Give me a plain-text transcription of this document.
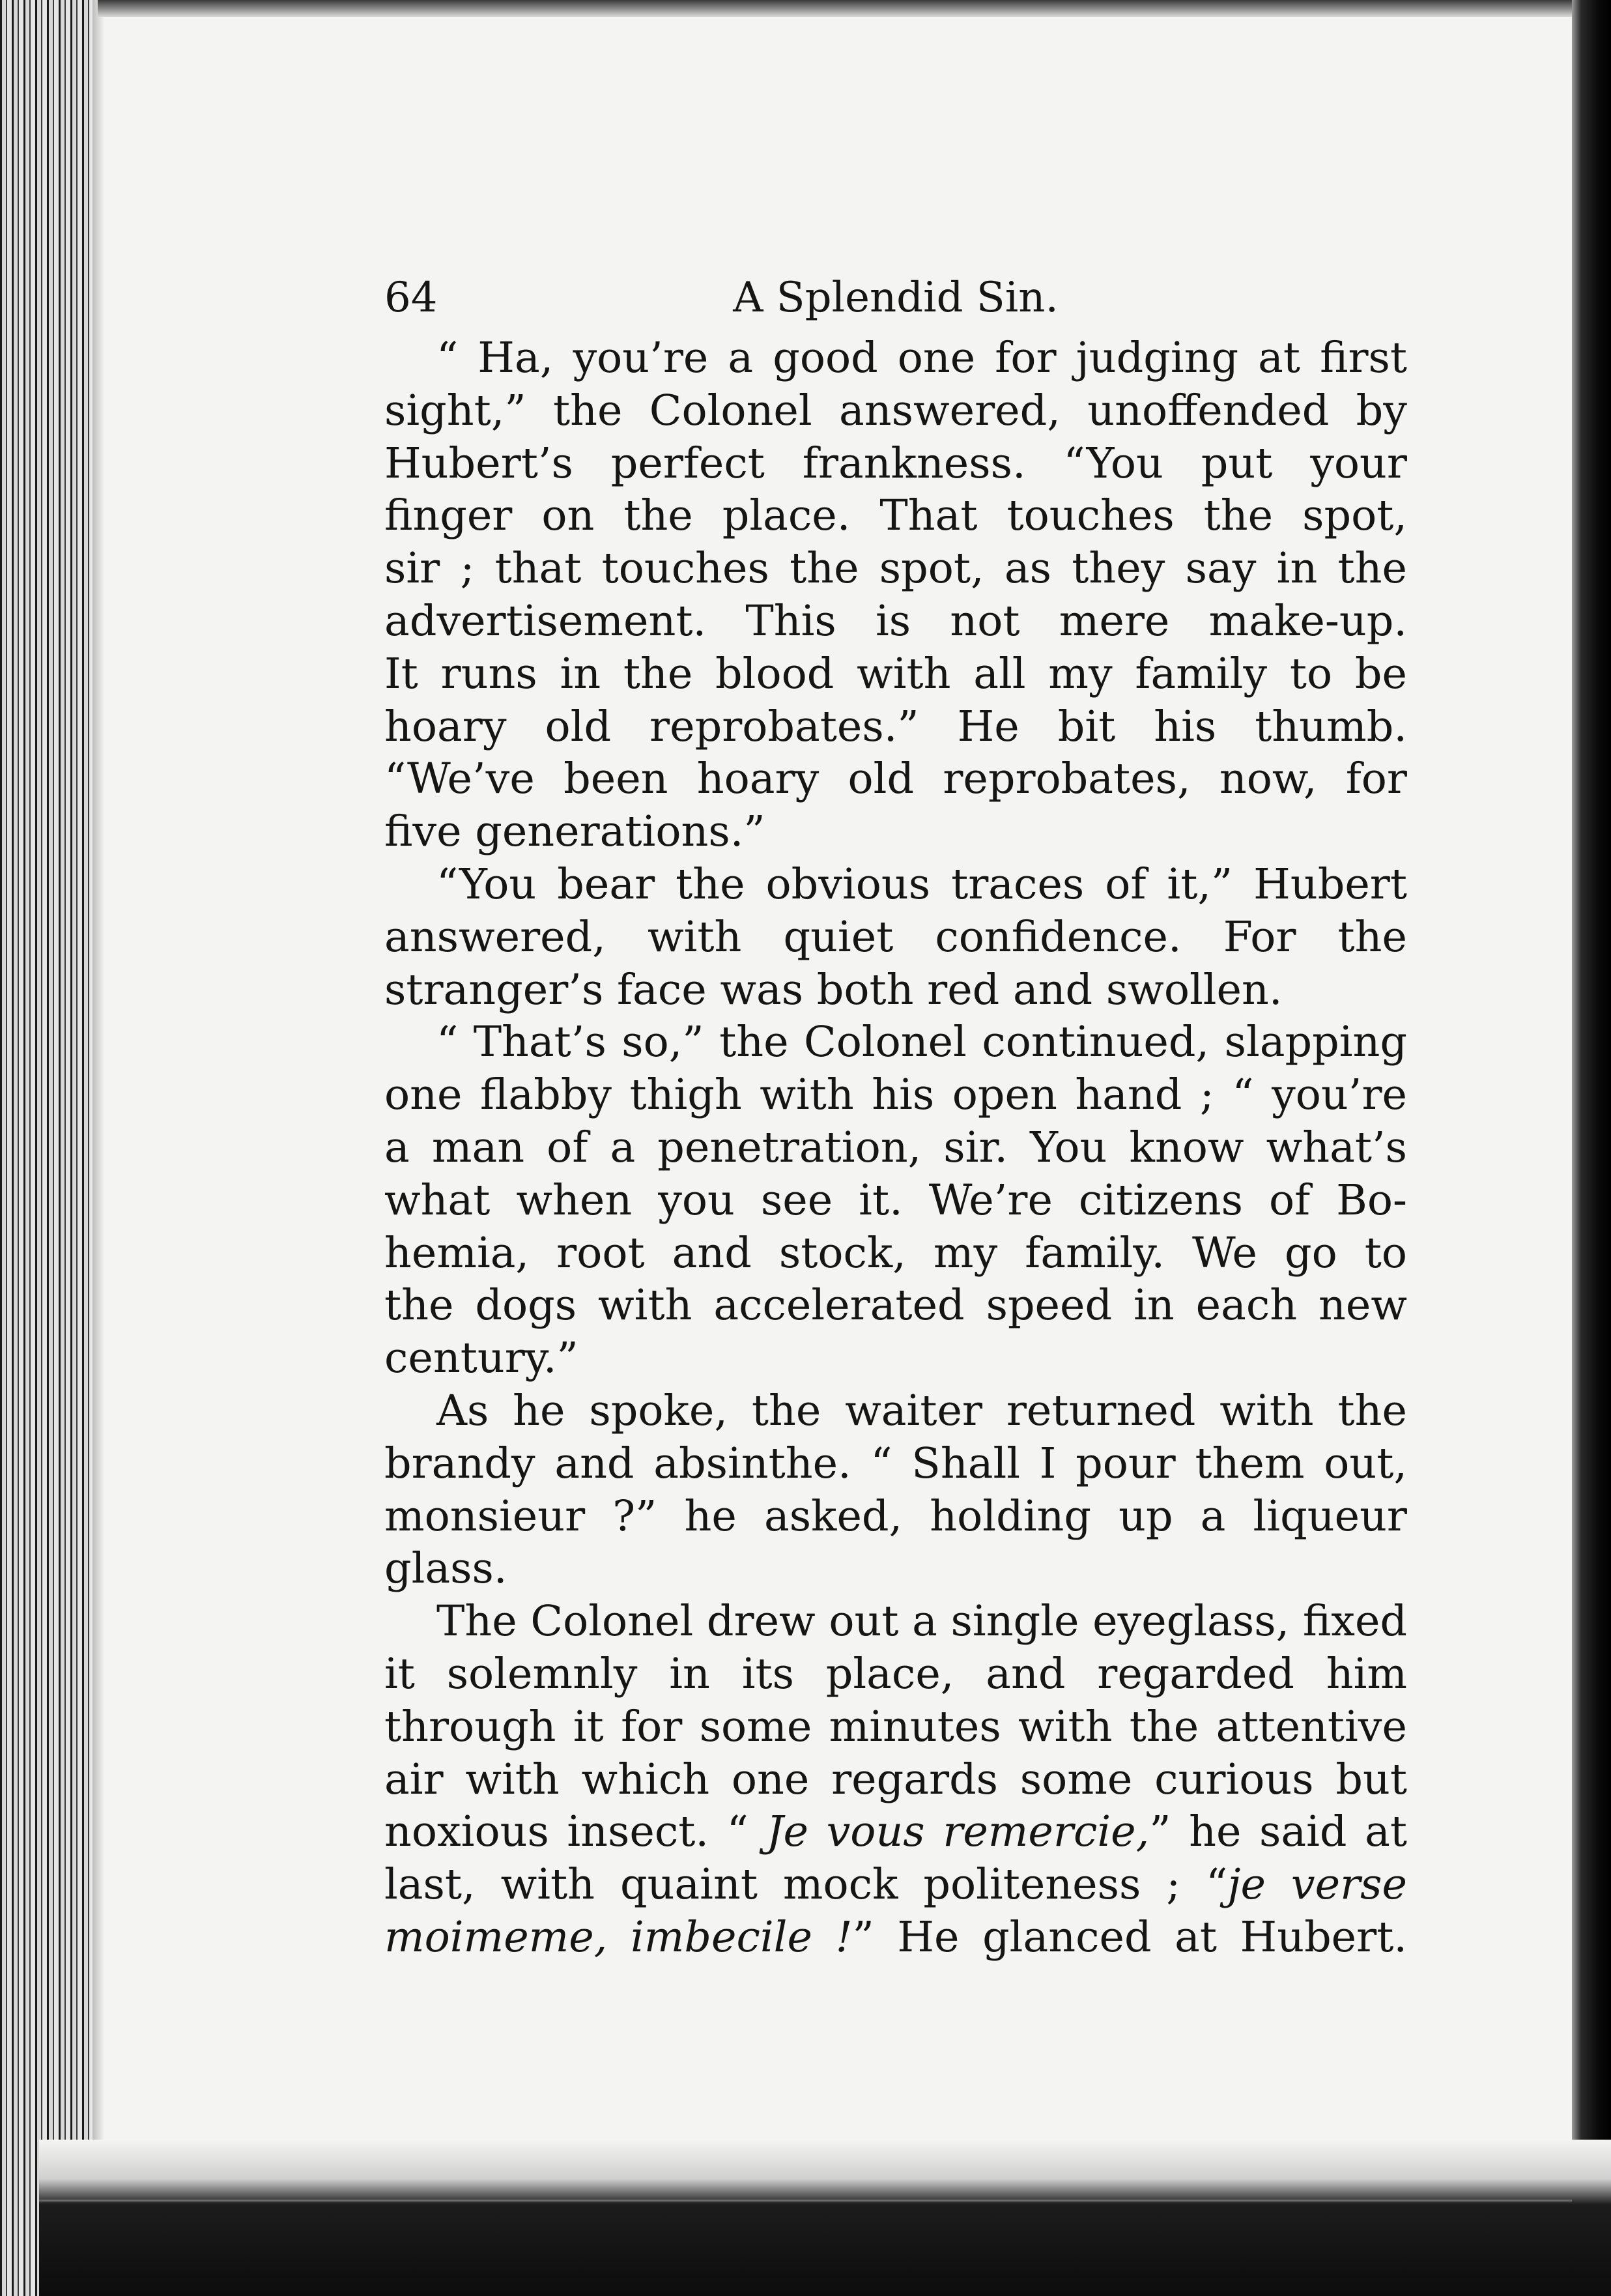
64	A Splendid Sin.
“ Ha, you’re a good one for judging at first
sight,” the Colonel answered, unoffended by
Hubert’s perfect frankness. “You put your
finger on the place. That touches the spot,
sir ; that touches the spot, as they say in the
advertisement. This is not mere make-up.
It runs in the blood with all my family to be
hoary old reprobates.” He bit his thumb.
“We’ve been hoary old reprobates, now, for
five generations.”
“You bear the obvious traces of it,” Hubert
answered, with quiet confidence. For the
stranger’s face was both red and swollen.
“ That’s so,” the Colonel continued, slapping
one flabby thigh with his open hand ; “ you’re
a man of a penetration, sir. You know what’s
what when you see it. We’re citizens of Bo-
hemia, root and stock, my family. We go to
the dogs with accelerated speed in each new
century.”
As he spoke, the waiter returned with the
brandy and absinthe. “ Shall I pour them out,
monsieur ?” he asked, holding up a liqueur
glass.
The Colonel drew out a single eyeglass, fixed
it solemnly in its place, and regarded him
through it for some minutes with the attentive
air with which one regards some curious but
noxious insect. “ Je vous remercie,” he said at
last, with quaint mock politeness ; “je verse
moimeme, imbecile !” He glanced at Hubert.
